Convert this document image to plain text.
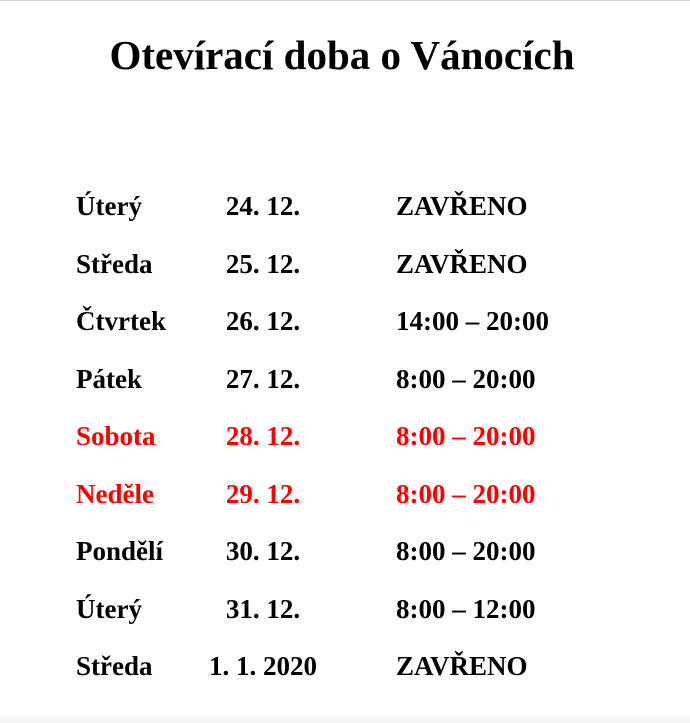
Otevírací doba o Vánocích
Úterý	24. 12.	ZAVŘENO
Středa	25. 12.	ZAVŘENO
Čtvrtek 26. 12.	14:00 – 20:00
Pátek	27. 12.	8:00 – 20:00
Sobota	28. 12.	8:00 – 20:00
Neděle	29. 12.	8:00 – 20:00
Pondělí 30. 12.	8:00 – 20:00
Úterý	31. 12.	8:00 – 12:00
Středa 1. 1. 2020	ZAVŘENO
